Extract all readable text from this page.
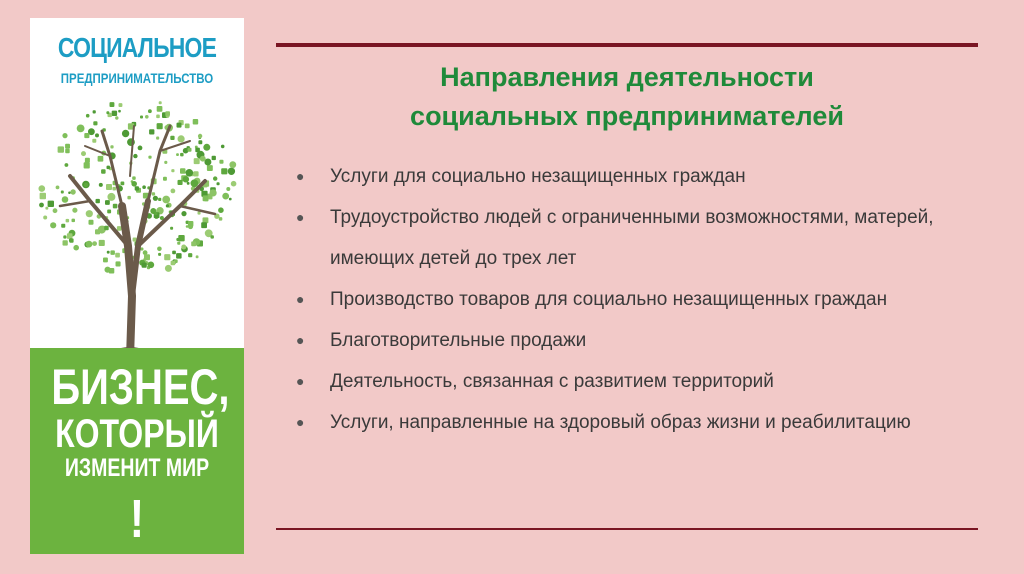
СОЦИАЛЬНОЕ
ПРЕДПРИНИМАТЕЛЬСТВО
БИЗНЕС,
КОТОРЫЙ
ИЗМЕНИТ МИР
!
Направления деятельности
социальных предпринимателей
● Услуги для социально незащищенных граждан
● Трудоустройство людей с ограниченными возможностями, матерей, имеющих детей до трех лет
● Производство товаров для социально незащищенных граждан
● Благотворительные продажи
● Деятельность, связанная с развитием территорий
● Услуги, направленные на здоровый образ жизни и реабилитацию
